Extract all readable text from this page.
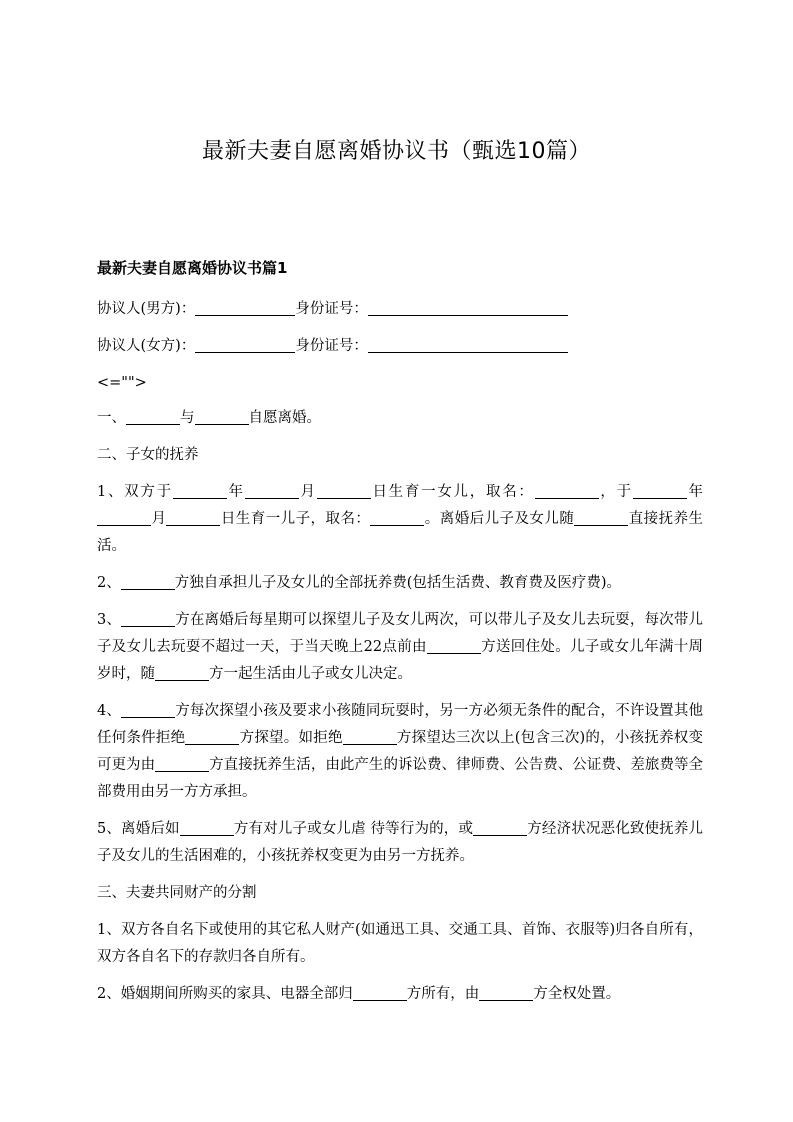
最新夫妻自愿离婚协议书（甄选10篇）
最新夫妻自愿离婚协议书篇1

协议人(男方)：	身份证号：

协议人(女方)：	身份证号：

<="">

一、	与	自愿离婚。

二、子女的抚养

1、双方于	年	月	日生育一女儿，取名：	，于	年月	日生育一儿子，取名：	。离婚后儿子及女儿随	直接抚养生活。

2、	方独自承担儿子及女儿的全部抚养费(包括生活费、教育费及医疗费)。

3、	方在离婚后每星期可以探望儿子及女儿两次，可以带儿子及女儿去玩耍，每次带儿子及女儿去玩耍不超过一天，于当天晚上22点前由	方送回住处。儿子或女儿年满十周岁时，随	方一起生活由儿子或女儿决定。

4、	方每次探望小孩及要求小孩随同玩耍时，另一方必须无条件的配合，不许设置其他任何条件拒绝	方探望。如拒绝	方探望达三次以上(包含三次)的，小孩抚养权变可更为由	方直接抚养生活，由此产生的诉讼费、律师费、公告费、公证费、差旅费等全部费用由另一方方承担。

5、离婚后如	方有对儿子或女儿虐 待等行为的，或	方经济状况恶化致使抚养儿子及女儿的生活困难的，小孩抚养权变更为由另一方抚养。

三、夫妻共同财产的分割

1、双方各自名下或使用的其它私人财产(如通迅工具、交通工具、首饰、衣服等)归各自所有，双方各自名下的存款归各自所有。

2、婚姻期间所购买的家具、电器全部归	方所有，由	方全权处置。
